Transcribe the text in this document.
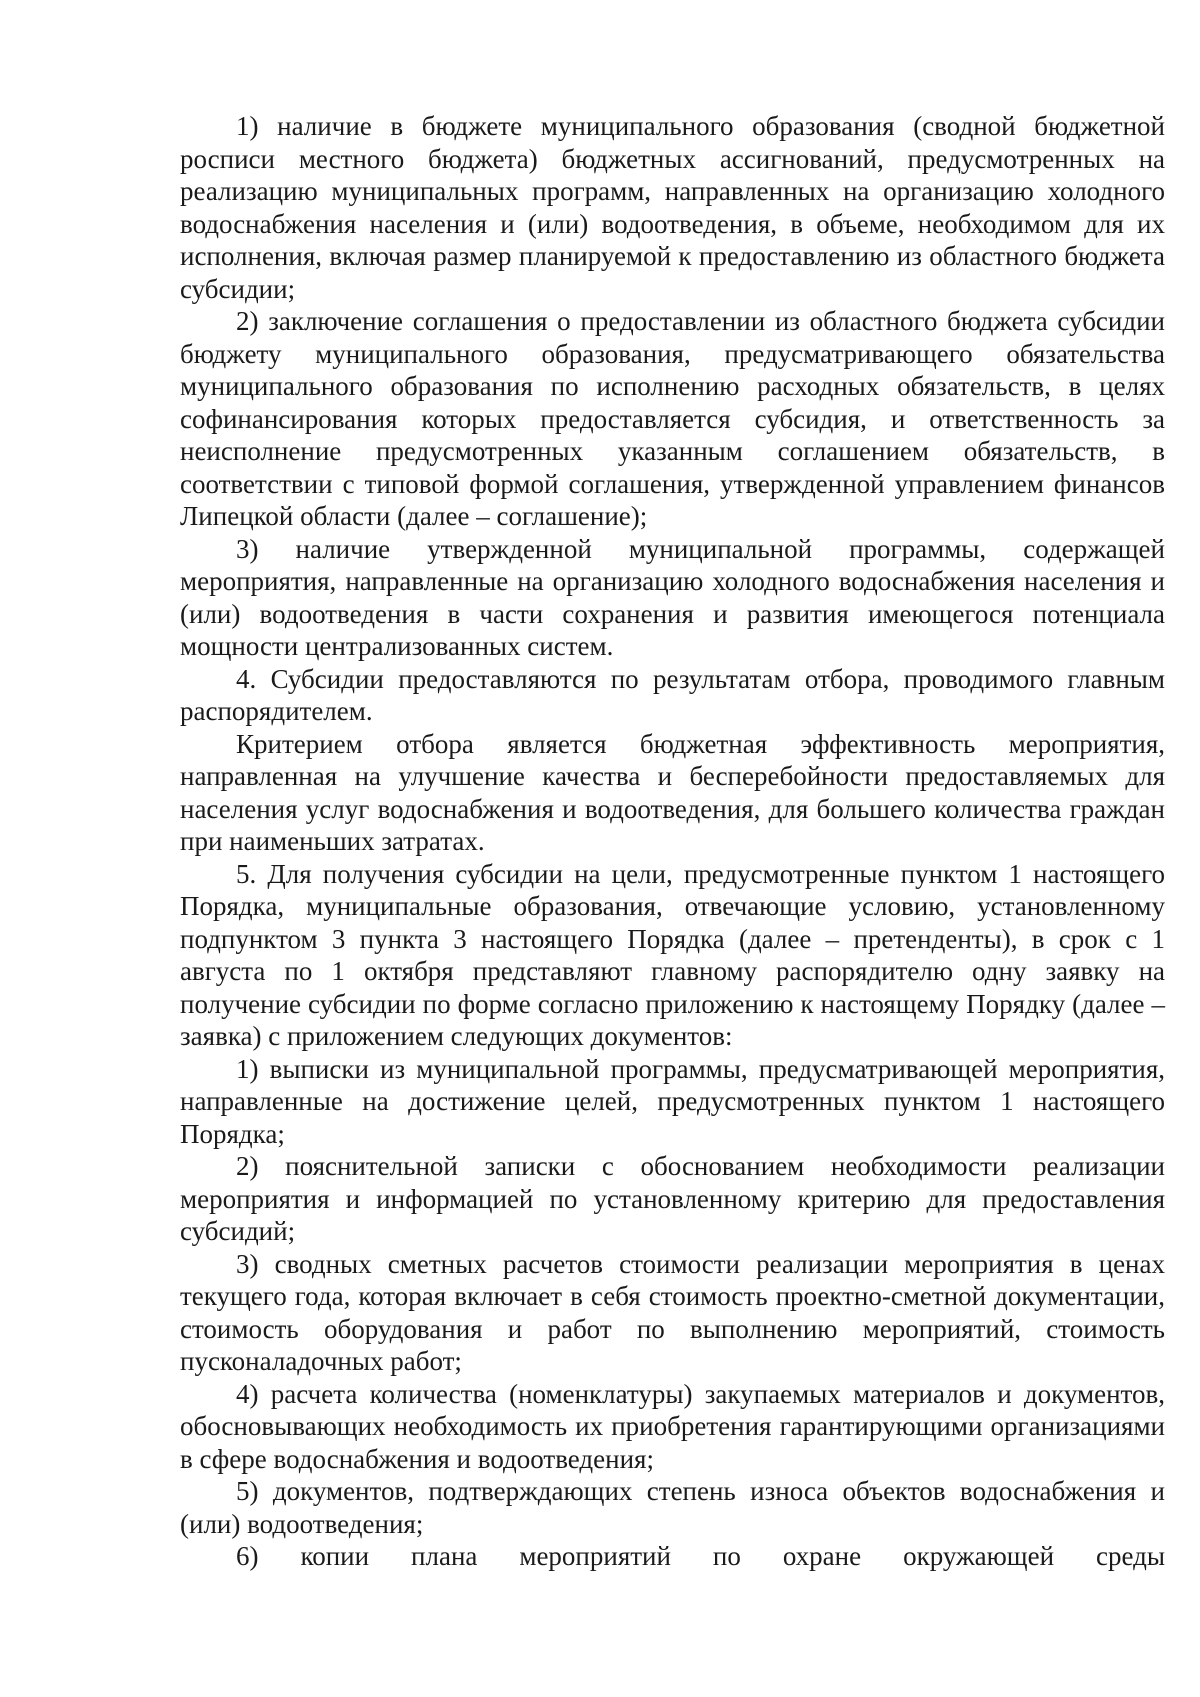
1) наличие в бюджете муниципального образования (сводной бюджетной росписи местного бюджета) бюджетных ассигнований, предусмотренных на реализацию муниципальных программ, направленных на организацию холодного водоснабжения населения и (или) водоотведения, в объеме, необходимом для их исполнения, включая размер планируемой к предоставлению из областного бюджета субсидии;

2) заключение соглашения о предоставлении из областного бюджета субсидии бюджету муниципального образования, предусматривающего обязательства муниципального образования по исполнению расходных обязательств, в целях софинансирования которых предоставляется субсидия, и ответственность за неисполнение предусмотренных указанным соглашением обязательств, в соответствии с типовой формой соглашения, утвержденной управлением финансов Липецкой области (далее – соглашение);

3) наличие утвержденной муниципальной программы, содержащей мероприятия, направленные на организацию холодного водоснабжения населения и (или) водоотведения в части сохранения и развития имеющегося потенциала мощности централизованных систем.

4. Субсидии предоставляются по результатам отбора, проводимого главным распорядителем.

Критерием отбора является бюджетная эффективность мероприятия, направленная на улучшение качества и бесперебойности предоставляемых для населения услуг водоснабжения и водоотведения, для большего количества граждан при наименьших затратах.

5. Для получения субсидии на цели, предусмотренные пунктом 1 настоящего Порядка, муниципальные образования, отвечающие условию, установленному подпунктом 3 пункта 3 настоящего Порядка (далее – претенденты), в срок с 1 августа по 1 октября представляют главному распорядителю одну заявку на получение субсидии по форме согласно приложению к настоящему Порядку (далее – заявка) с приложением следующих документов:

1) выписки из муниципальной программы, предусматривающей мероприятия, направленные на достижение целей, предусмотренных пунктом 1 настоящего Порядка;

2) пояснительной записки с обоснованием необходимости реализации мероприятия и информацией по установленному критерию для предоставления субсидий;

3) сводных сметных расчетов стоимости реализации мероприятия в ценах текущего года, которая включает в себя стоимость проектно-сметной документации, стоимость оборудования и работ по выполнению мероприятий, стоимость пусконаладочных работ;

4) расчета количества (номенклатуры) закупаемых материалов и документов, обосновывающих необходимость их приобретения гарантирующими организациями в сфере водоснабжения и водоотведения;

5) документов, подтверждающих степень износа объектов водоснабжения и (или) водоотведения;

6) копии плана мероприятий по охране окружающей среды
